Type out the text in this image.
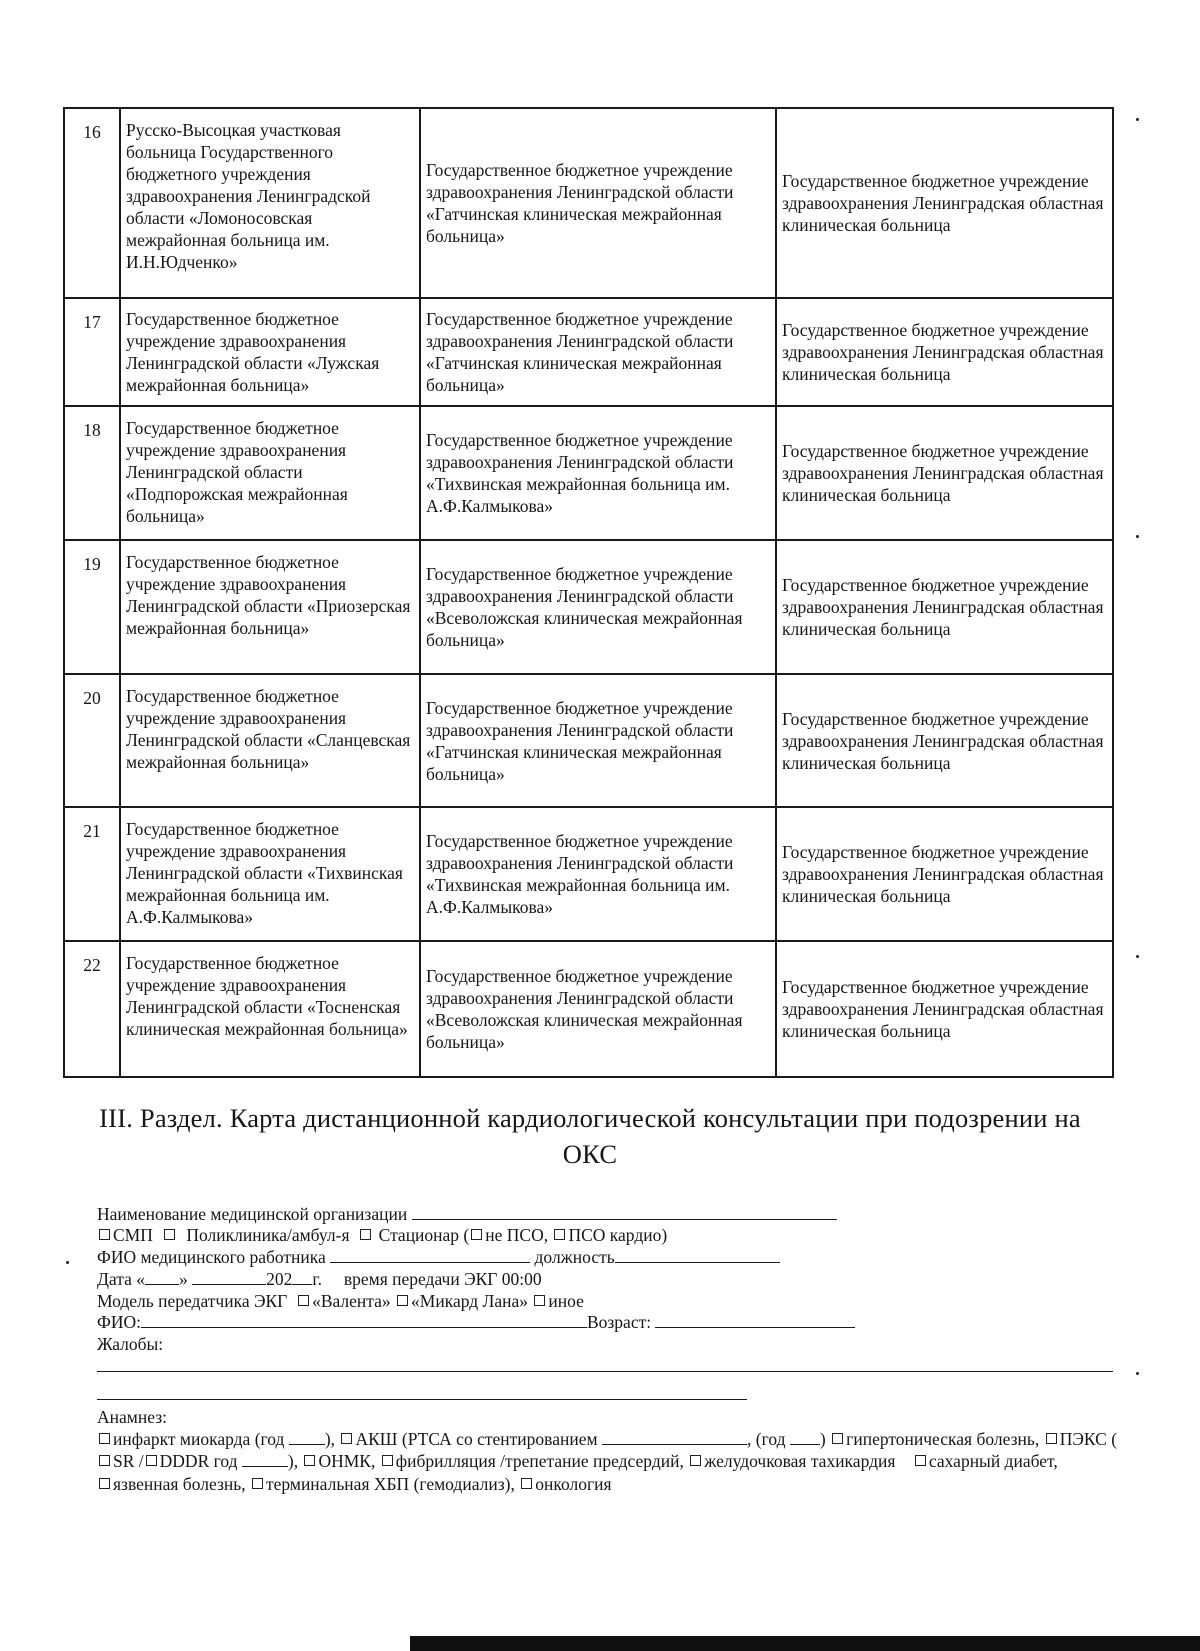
16	Русско-Высоцкая участковая больница Государственного бюджетного учреждения здравоохранения Ленинградской области «Ломоносовская межрайонная больница им. И.Н.Юдченко»	Государственное бюджетное учреждение здравоохранения Ленинградской области «Гатчинская клиническая межрайонная больница»	Государственное бюджетное учреждение здравоохранения Ленинградская областная клиническая больница
17	Государственное бюджетное учреждение здравоохранения Ленинградской области «Лужская межрайонная больница»	Государственное бюджетное учреждение здравоохранения Ленинградской области «Гатчинская клиническая межрайонная больница»	Государственное бюджетное учреждение здравоохранения Ленинградская областная клиническая больница
18	Государственное бюджетное учреждение здравоохранения Ленинградской области «Подпорожская межрайонная больница»	Государственное бюджетное учреждение здравоохранения Ленинградской области «Тихвинская межрайонная больница им. А.Ф.Калмыкова»	Государственное бюджетное учреждение здравоохранения Ленинградская областная клиническая больница
19	Государственное бюджетное учреждение здравоохранения Ленинградской области «Приозерская межрайонная больница»	Государственное бюджетное учреждение здравоохранения Ленинградской области «Всеволожская клиническая межрайонная больница»	Государственное бюджетное учреждение здравоохранения Ленинградская областная клиническая больница
20	Государственное бюджетное учреждение здравоохранения Ленинградской области «Сланцевская межрайонная больница»	Государственное бюджетное учреждение здравоохранения Ленинградской области «Гатчинская клиническая межрайонная больница»	Государственное бюджетное учреждение здравоохранения Ленинградская областная клиническая больница
21	Государственное бюджетное учреждение здравоохранения Ленинградской области «Тихвинская межрайонная больница им. А.Ф.Калмыкова»	Государственное бюджетное учреждение здравоохранения Ленинградской области «Тихвинская межрайонная больница им. А.Ф.Калмыкова»	Государственное бюджетное учреждение здравоохранения Ленинградская областная клиническая больница
22	Государственное бюджетное учреждение здравоохранения Ленинградской области «Тосненская клиническая межрайонная больница»	Государственное бюджетное учреждение здравоохранения Ленинградской области «Всеволожская клиническая межрайонная больница»	Государственное бюджетное учреждение здравоохранения Ленинградская областная клиническая больница
III. Раздел. Карта дистанционной кардиологической консультации при подозрении на
ОКС
Наименование медицинской организации
СМП Поликлиника/амбул-я Стационар ( не ПСО, ПСО кардио)
ФИО медицинского работника	должность
Дата « »	202 г. время передачи ЭКГ 00:00
Модель передатчика ЭКГ «Валента» «Микард Лана» иное
ФИО:	Возраст:
Жалобы:
Анамнез:

инфаркт миокарда (год ), АКШ (РТСА со стентированием	, (год ) гипертоническая болезнь, ПЭКС (SR / DDDR год	), ОНМК, фибрилляция /трепетание предсердий, желудочковая тахикардия сахарный диабет,

язвенная болезнь, терминальная ХБП (гемодиализ), онкология
